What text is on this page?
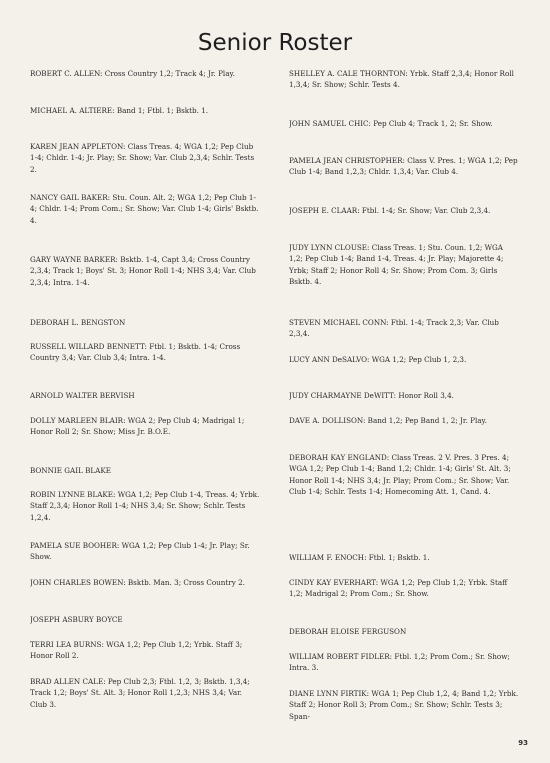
Senior Roster

ROBERT C. ALLEN: Cross Country 1,2; Track 4; Jr. Play.

MICHAEL A. ALTIERE: Band 1; Ftbl. 1; Bsktb. 1.

KAREN JEAN APPLETON: Class Treas. 4; WGA 1,2; Pep Club 1-4; Chldr. 1-4; Jr. Play; Sr. Show; Var. Club 2,3,4; Schlr. Tests 2.

NANCY GAIL BAKER: Stu. Coun. Alt. 2; WGA 1,2; Pep Club 1-4; Chldr. 1-4; Prom Com.; Sr. Show; Var. Club 1-4; Girls' Bsktb. 4.

GARY WAYNE BARKER: Bsktb. 1-4, Capt 3,4; Cross Country 2,3,4; Track 1; Boys' St. 3; Honor Roll 1-4; NHS 3,4; Var. Club 2,3,4; Intra. 1-4.

DEBORAH L. BENGSTON

RUSSELL WILLARD BENNETT: Ftbl. 1; Bsktb. 1-4; Cross Country 3,4; Var. Club 3,4; Intra. 1-4.

ARNOLD WALTER BERVISH

DOLLY MARLEEN BLAIR: WGA 2; Pep Club 4; Madrigal 1; Honor Roll 2; Sr. Show; Miss Jr. B.O.E.

BONNIE GAIL BLAKE

ROBIN LYNNE BLAKE: WGA 1,2; Pep Club 1-4, Treas. 4; Yrbk. Staff 2,3,4; Honor Roll 1-4; NHS 3,4; Sr. Show; Schlr. Tests 1,2,4.

PAMELA SUE BOOHER: WGA 1,2; Pep Club 1-4; Jr. Play; Sr. Show.

JOHN CHARLES BOWEN: Bsktb. Man. 3; Cross Country 2.

JOSEPH ASBURY BOYCE

TERRI LEA BURNS: WGA 1,2; Pep Club 1,2; Yrbk. Staff 3; Honor Roll 2.

BRAD ALLEN CALE: Pep Club 2,3; Ftbl. 1,2, 3; Bsktb. 1,3,4; Track 1,2; Boys' St. Alt. 3; Honor Roll 1,2,3; NHS 3,4; Var. Club 3.

SHELLEY A. CALE THORNTON: Yrbk. Staff 2,3,4; Honor Roll 1,3,4; Sr. Show; Schlr. Tests 4.

JOHN SAMUEL CHIC: Pep Club 4; Track 1, 2; Sr. Show.

PAMELA JEAN CHRISTOPHER: Class V. Pres. 1; WGA 1,2; Pep Club 1-4; Band 1,2,3; Chldr. 1,3,4; Var. Club 4.

JOSEPH E. CLAAR: Ftbl. 1-4; Sr. Show; Var. Club 2,3,4.

JUDY LYNN CLOUSE: Class Treas. 1; Stu. Coun. 1,2; WGA 1,2; Pep Club 1-4; Band 1-4, Treas. 4; Jr. Play; Majorette 4; Yrbk; Staff 2; Honor Roll 4; Sr. Show; Prom Com. 3; Girls Bsktb. 4.

STEVEN MICHAEL CONN: Ftbl. 1-4; Track 2,3; Var. Club 2,3,4.

LUCY ANN DeSALVO: WGA 1,2; Pep Club 1, 2,3.

JUDY CHARMAYNE DeWITT: Honor Roll 3,4.

DAVE A. DOLLISON: Band 1,2; Pep Band 1, 2; Jr. Play.

DEBORAH KAY ENGLAND: Class Treas. 2 V. Pres. 3 Pres. 4; WGA 1,2; Pep Club 1-4; Band 1,2; Chldr. 1-4; Girls' St. Alt. 3; Honor Roll 1-4; NHS 3,4; Jr. Play; Prom Com.; Sr. Show; Var. Club 1-4; Schlr. Tests 1-4; Homecoming Att. 1, Cand. 4.

WILLIAM F. ENOCH: Ftbl. 1; Bsktb. 1.

CINDY KAY EVERHART: WGA 1,2; Pep Club 1,2; Yrbk. Staff 1,2; Madrigal 2; Prom Com.; Sr. Show.

DEBORAH ELOISE FERGUSON

WILLIAM ROBERT FIDLER: Ftbl. 1,2; Prom Com.; Sr. Show; Intra. 3.

DIANE LYNN FIRTIK: WGA 1; Pep Club 1,2, 4; Band 1,2; Yrbk. Staff 2; Honor Roll 3; Prom Com.; Sr. Show; Schlr. Tests 3; Span-

93
